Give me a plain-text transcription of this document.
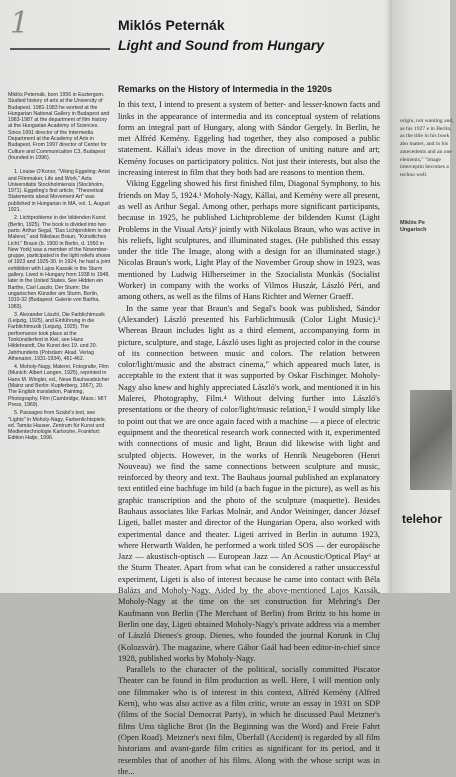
1	Miklós Peternák
Light and Sound from Hungary
Miklós Peternák, born 1956 in Esztergom. Studied history of arts at the University of Budapest. 1981-1983 he worked at the Hungarian National Gallery in Budapest and 1983-1987 at the department of film history at the Hungarian Academy of Sciences. Since 1991 director of the Intermedia Department at the Academy of Arts in Budapest. From 1997 director of Center for Culture and Communication C3, Budapest (founded in 1996).
1. Louise O'Konor, "Viking Eggeling: Artist and Filmmaker, Life and Work," Acta Universitatis Stockholmiensis (Stockholm, 1971). Eggeling's first article, "Theoretical Statements about Movement Art" was published in Hungarian in MA, vol. 1, August 1921.
2. Lichtprobleme in der bildenden Kunst (Berlin, 1925). The book is divided into two parts: Arthur Segal, "Das Lichtproblem in der Malerei," and Nikolaus Braun, "Künstliches Licht." Braun (b. 1900 in Berlin, d. 1950 in New York) was a member of the November-gruppe, participated in the light reliefs shows of 1923 and 1925-30. In 1924, he had a joint exhibition with Lajos Kassák in the Sturm gallery. Lived in Hungary from 1938 to 1948, later in the United States. See Hidden ein Barthe, Carl Laszlo, Der Sturm: Die ungarischen Künstler am Sturm, Berlin, 1910-32 (Budapest: Galerie von Bartha, 1983).
3. Alexander László, Die Farblichtmusik (Leipzig, 1925), and Einführung in die Farblichtmusik (Leipzig, 1925). The performance took place at the Tonkünstlerfest in Kiel, see Hans Hildebrandt, Die Kunst des 19. und 20. Jahrhunderts (Potsdam: Akad. Verlag Athenaion, 1931-1934), 461-462.
4. Moholy-Nagy, Malerei, Fotografie, Film (Munich: Albert Langen, 1925), reprinted in Hans M. Wingler, ed., Neue Bauhausbücher (Mainz and Berlin: Kupferberg, 1967), 20. The English translation, Painting, Photography, Film (Cambridge, Mass.: MIT Press, 1969).
5. Passages from Szabó's text, see "Lights" in Moholy-Nagy, Farbenlichtspiele, ed. Tamás Hauser, Zentrum für Kunst und Medientechnologie Karlsruhe, Frankfurt: Edition Hatje, 1996.
Remarks on the History of Intermedia in the 1920s

In this text, I intend to present a system of better- and lesser-known facts and links in the appearance of intermedia and its conceptual system of relations form an integral part of Hungary, along with Sándor Gergely. In Berlin, he met Alfréd Kemény. Eggeling had together, they also composed a public statement. Kállai's ideas move in the direction of uniting nature and art; Kemény focuses on participatory politics. Not just their interests, but also the increasing interest in film that they both had are reasons to mention them.

Viking Eggeling showed his first finished film, Diagonal Symphony, to his friends on May 5, 1924.¹ Moholy-Nagy, Kállai, and Kemény were all present, as well as Arthur Segal. Among other, perhaps more significant participants, because in 1925, he published Lichtprobleme der bildenden Kunst (Light Problems in the Visual Arts)² jointly with Nikolaus Braun, who was active in his reliefs, light sculptures, and illuminated stages. (He published this essay under the title The Image, along with a design for an illuminated stage.) Nicolas Braun's work, Light Play of the November Group show in 1923, was mentioned by Ludwig Hilberseimer in the Szocialista Munkás (Socialist Worker) in company with the works of Vilmos Huszár, László Péri, and among others, as well as the films of Hans Richter and Werner Graeff.

In the same year that Braun's and Segal's book was published, Sándor (Alexander) László presented his Farblichtmusik (Color Light Music).³ Whereas Braun includes light as a third element, accompanying form in picture, sculpture, and stage, László uses light as projected color in the course of its connection between music and colors. The relation between color/light/music and the abstract cinema," which appeared much later, is acceptable to the extent that it was supported by Oskar Fischinger. Moholy-Nagy also knew and highly appreciated László's work, and mentioned it in his Malerei, Photography, Film.⁴ Without delving further into László's presentations or the theory of color/light/music relation,⁵ I would simply like to point out that we are once again faced with a machine — a piece of electric equipment and the theoretical research work connected with it, experimented with connections of music and light, Braun did likewise with light and sculpted objects. However, in the works of Henrik Neugeboren (Henri Nouveau) we find the same connections between sculpture and music, reinforced by theory and text. The Bauhaus journal published an explanatory text entitled eine bachfuge im bild (a bach fugue in the picture), as well as his graphic transcription and the photo of the sculpture (maquette). Besides Bauhaus associates like Farkas Molnár, and Andor Weininger, dancer József Ligeti, ballet master and director of the Hungarian Opera, also worked with experimental dance and theater. Ligeti arrived in Berlin in autumn 1923, where Herwarth Walden, he performed a work titled SOS — der europäische Jazz — akustisch-optisch — European Jazz — An Acoustic/Optical Play⁶ at the Sturm Theater. Apart from what can be considered a rather unsuccessful experiment, Ligeti is also of interest because he came into contact with Béla Balázs and Moholy-Nagy. Aided by the above-mentioned Lajos Kassák, Moholy-Nagy at the time on the set construction for Mehring's Der Kaufmann von Berlin (The Merchant of Berlin) from Brittz to his home in Berlin one day, Ligeti obtained Moholy-Nagy's private address via a member of László Dienes's group. Dienes, who founded the journal Korunk in Cluj (Kolozsvár). The magazine, where Gábor Gaál had been editor-in-chief since 1928, published works by Moholy-Nagy.

Parallels to the character of the political, socially committed Piscator Theater can be found in film production as well. Here, I will mention only one filmmaker who is of interest in this context, Alfréd Kemény (Alfred Kern), who was also active as a film critic, wrote an essay in 1931 on SDP (films of the Social Democrat Party), in which he discussed Paul Metzner's films Ums tägliche Brot (In the Beginning was the Word) and Freie Fahrt (Open Road). Metzner's next film, Überfall (Accident) is regarded by all film historians and avant-garde film critics as significant for its period, and it resembles that of another of his films. Along with the whose script was in the...

origin, not wanting and, as his 1927 e in Berlin, as the title in his book abo matter, and in his antecedents and an one elements," "image interceptin becomes a techno well.
Miklós Pe Ungarisch
telehor
